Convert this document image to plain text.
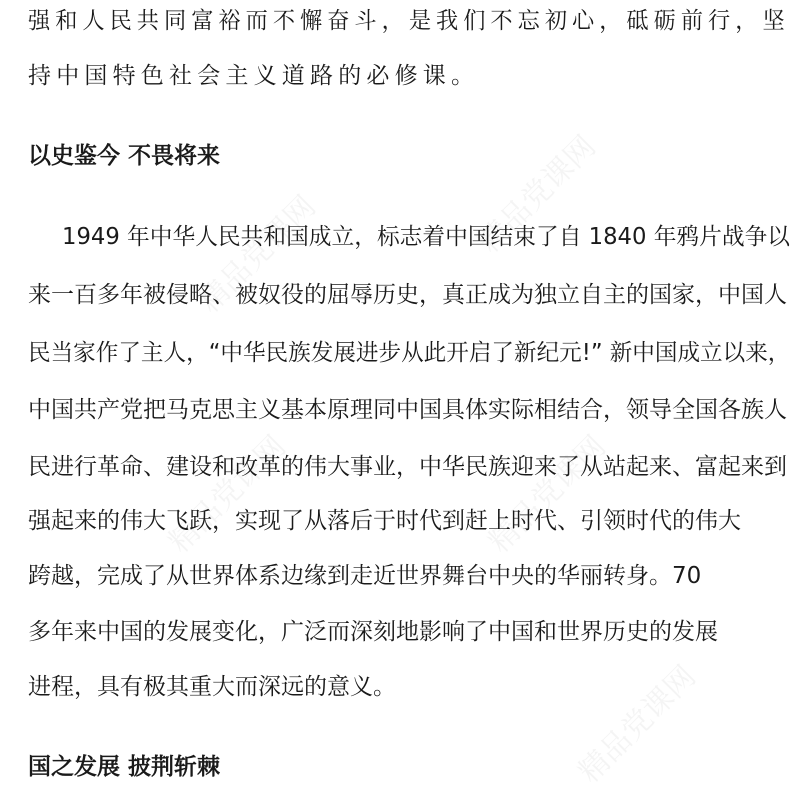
精品党课网	精品党课网
精品党课网	精品党课网
精品党课网
强和人民共同富裕而不懈奋斗，是我们不忘初心，砥砺前行，坚
持中国特色社会主义道路的必修课。
以史鉴今 不畏将来
1949 年中华人民共和国成立，标志着中国结束了自 1840 年鸦片战争以
来一百多年被侵略、被奴役的屈辱历史，真正成为独立自主的国家，中国人
民当家作了主人，“中华民族发展进步从此开启了新纪元!” 新中国成立以来，
中国共产党把马克思主义基本原理同中国具体实际相结合，领导全国各族人
民进行革命、建设和改革的伟大事业，中华民族迎来了从站起来、富起来到
强起来的伟大飞跃，实现了从落后于时代到赶上时代、引领时代的伟大
跨越，完成了从世界体系边缘到走近世界舞台中央的华丽转身。70
多年来中国的发展变化，广泛而深刻地影响了中国和世界历史的发展
进程，具有极其重大而深远的意义。
国之发展 披荆斩棘
